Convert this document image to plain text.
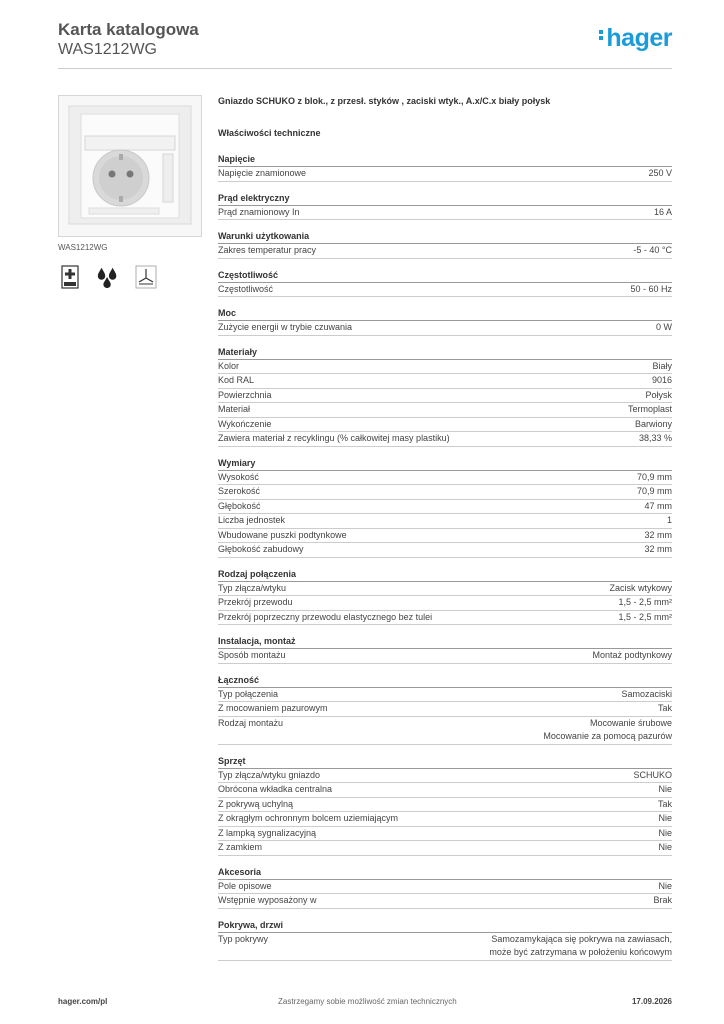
Karta katalogowa
WAS1212WG	hager
WAS1212WG
Gniazdo SCHUKO z blok., z przesł. styków , zaciski wtyk., A.x/C.x biały połysk
Właściwości techniczne
Napięcie
Napięcie znamionowe	250 V
Prąd elektryczny
Prąd znamionowy In	16 A
Warunki użytkowania
Zakres temperatur pracy	-5 - 40 °C
Częstotliwość
Częstotliwość	50 - 60 Hz
Moc
Zużycie energii w trybie czuwania	0 W
Materiały
Kolor	Biały
Kod RAL	9016
Powierzchnia	Połysk
Materiał	Termoplast
Wykończenie	Barwiony
Zawiera materiał z recyklingu (% całkowitej masy plastiku)	38,33 %
Wymiary
Wysokość	70,9 mm
Szerokość	70,9 mm
Głębokość	47 mm
Liczba jednostek	1
Wbudowane puszki podtynkowe	32 mm
Głębokość zabudowy	32 mm
Rodzaj połączenia
Typ złącza/wtyku	Zacisk wtykowy
Przekrój przewodu	1,5 - 2,5 mm²
Przekrój poprzeczny przewodu elastycznego bez tulei	1,5 - 2,5 mm²
Instalacja, montaż
Sposób montażu	Montaż podtynkowy
Łączność
Typ połączenia	Samozaciski
Z mocowaniem pazurowym	Tak
Rodzaj montażu	Mocowanie śrubowe
Mocowanie za pomocą pazurów
Sprzęt
Typ złącza/wtyku gniazdo	SCHUKO
Obrócona wkładka centralna	Nie
Z pokrywą uchylną	Tak
Z okrągłym ochronnym bolcem uziemiającym	Nie
Z lampką sygnalizacyjną	Nie
Z zamkiem	Nie
Akcesoria
Pole opisowe	Nie
Wstępnie wyposażony w	Brak
Pokrywa, drzwi
Typ pokrywy	Samozamykająca się pokrywa na zawiasach,
może być zatrzymana w położeniu końcowym
hager.com/pl	Zastrzegamy sobie możliwość zmian technicznych	17.09.2026
